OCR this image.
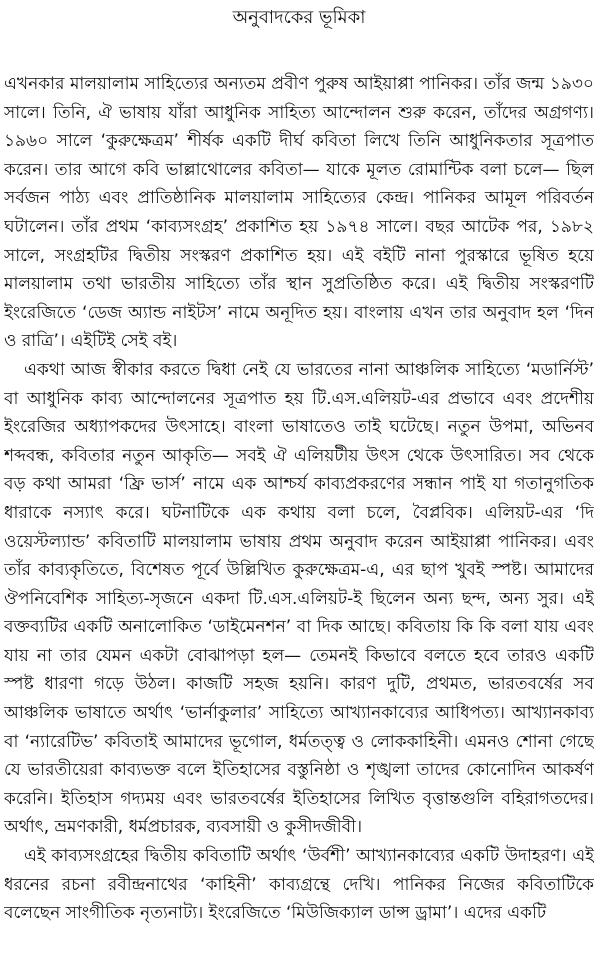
অনুবাদকের ভূমিকা

এখনকার মালয়ালাম সাহিত্যের অন্যতম প্রবীণ পুরুষ আইয়াপ্পা পানিকর। তাঁর জন্ম ১৯৩০ সালে। তিনি, ঐ ভাষায় যাঁরা আধুনিক সাহিত্য আন্দোলন শুরু করেন, তাঁদের অগ্রগণ্য। ১৯৬০ সালে ‘কুরুক্ষেত্রম’ শীর্ষক একটি দীর্ঘ কবিতা লিখে তিনি আধুনিকতার সূত্রপাত করেন। তার আগে কবি ভাল্লাথোলের কবিতা— যাকে মূলত রোমান্টিক বলা চলে— ছিল সর্বজন পাঠ্য এবং প্রাতিষ্ঠানিক মালয়ালাম সাহিত্যের কেন্দ্র। পানিকর আমূল পরিবর্তন ঘটালেন। তাঁর প্রথম ‘কাব্যসংগ্রহ’ প্রকাশিত হয় ১৯৭৪ সালে। বছর আটেক পর, ১৯৮২ সালে, সংগ্রহটির দ্বিতীয় সংস্করণ প্রকাশিত হয়। এই বইটি নানা পুরস্কারে ভূষিত হয়ে মালয়ালাম তথা ভারতীয় সাহিত্যে তাঁর স্থান সুপ্রতিষ্ঠিত করে। এই দ্বিতীয় সংস্করণটি ইংরেজিতে ‘ডেজ অ্যান্ড নাইটস’ নামে অনূদিত হয়। বাংলায় এখন তার অনুবাদ হল ‘দিন ও রাত্রি’। এইটিই সেই বই।

একথা আজ স্বীকার করতে দ্বিধা নেই যে ভারতের নানা আঞ্চলিক সাহিত্যে ‘মডার্নিস্ট’ বা আধুনিক কাব্য আন্দোলনের সূত্রপাত হয় টি.এস.এলিয়ট-এর প্রভাবে এবং প্রদেশীয় ইংরেজির অধ্যাপকদের উৎসাহে। বাংলা ভাষাতেও তাই ঘটেছে। নতুন উপমা, অভিনব শব্দবন্ধ, কবিতার নতুন আকৃতি— সবই ঐ এলিয়টীয় উৎস থেকে উৎসারিত। সব থেকে বড় কথা আমরা ‘ফ্রি ভার্স’ নামে এক আশ্চর্য কাব্যপ্রকরণের সন্ধান পাই যা গতানুগতিক ধারাকে নস্যাৎ করে। ঘটনাটিকে এক কথায় বলা চলে, বৈপ্লবিক। এলিয়ট-এর ‘দি ওয়েস্টল্যান্ড’ কবিতাটি মালয়ালাম ভাষায় প্রথম অনুবাদ করেন আইয়াপ্পা পানিকর। এবং তাঁর কাব্যকৃতিতে, বিশেষত পূর্বে উল্লিখিত কুরুক্ষেত্রম-এ, এর ছাপ খুবই স্পষ্ট। আমাদের ঔপনিবেশিক সাহিত্য-সৃজনে একদা টি.এস.এলিয়ট-ই ছিলেন অন্য ছন্দ, অন্য সুর। এই বক্তব্যটির একটি অনালোকিত ‘ডাইমেনশন’ বা দিক আছে। কবিতায় কি কি বলা যায় এবং যায় না তার যেমন একটা বোঝাপড়া হল— তেমনই কিভাবে বলতে হবে তারও একটি স্পষ্ট ধারণা গড়ে উঠল। কাজটি সহজ হয়নি। কারণ দুটি, প্রথমত, ভারতবর্ষের সব আঞ্চলিক ভাষাতে অর্থাৎ ‘ভার্নাকুলার’ সাহিত্যে আখ্যানকাব্যের আধিপত্য। আখ্যানকাব্য বা ‘ন্যারেটিভ’ কবিতাই আমাদের ভূগোল, ধর্মতত্ত্ব ও লোককাহিনী। এমনও শোনা গেছে যে ভারতীয়েরা কাব্যভক্ত বলে ইতিহাসের বস্তুনিষ্ঠা ও শৃঙ্খলা তাদের কোনোদিন আকর্ষণ করেনি। ইতিহাস গদ্যময় এবং ভারতবর্ষের ইতিহাসের লিখিত বৃত্তান্তগুলি বহিরাগতদের। অর্থাৎ, ভ্রমণকারী, ধর্মপ্রচারক, ব্যবসায়ী ও কুসীদজীবী।

এই কাব্যসংগ্রহের দ্বিতীয় কবিতাটি অর্থাৎ ‘উর্বশী’ আখ্যানকাব্যের একটি উদাহরণ। এই ধরনের রচনা রবীন্দ্রনাথের ‘কাহিনী’ কাব্যগ্রন্থে দেখি। পানিকর নিজের কবিতাটিকে বলেছেন সাংগীতিক নৃত্যনাট্য। ইংরেজিতে ‘মিউজিক্যাল ডান্স ড্রামা’। এদের একটি
